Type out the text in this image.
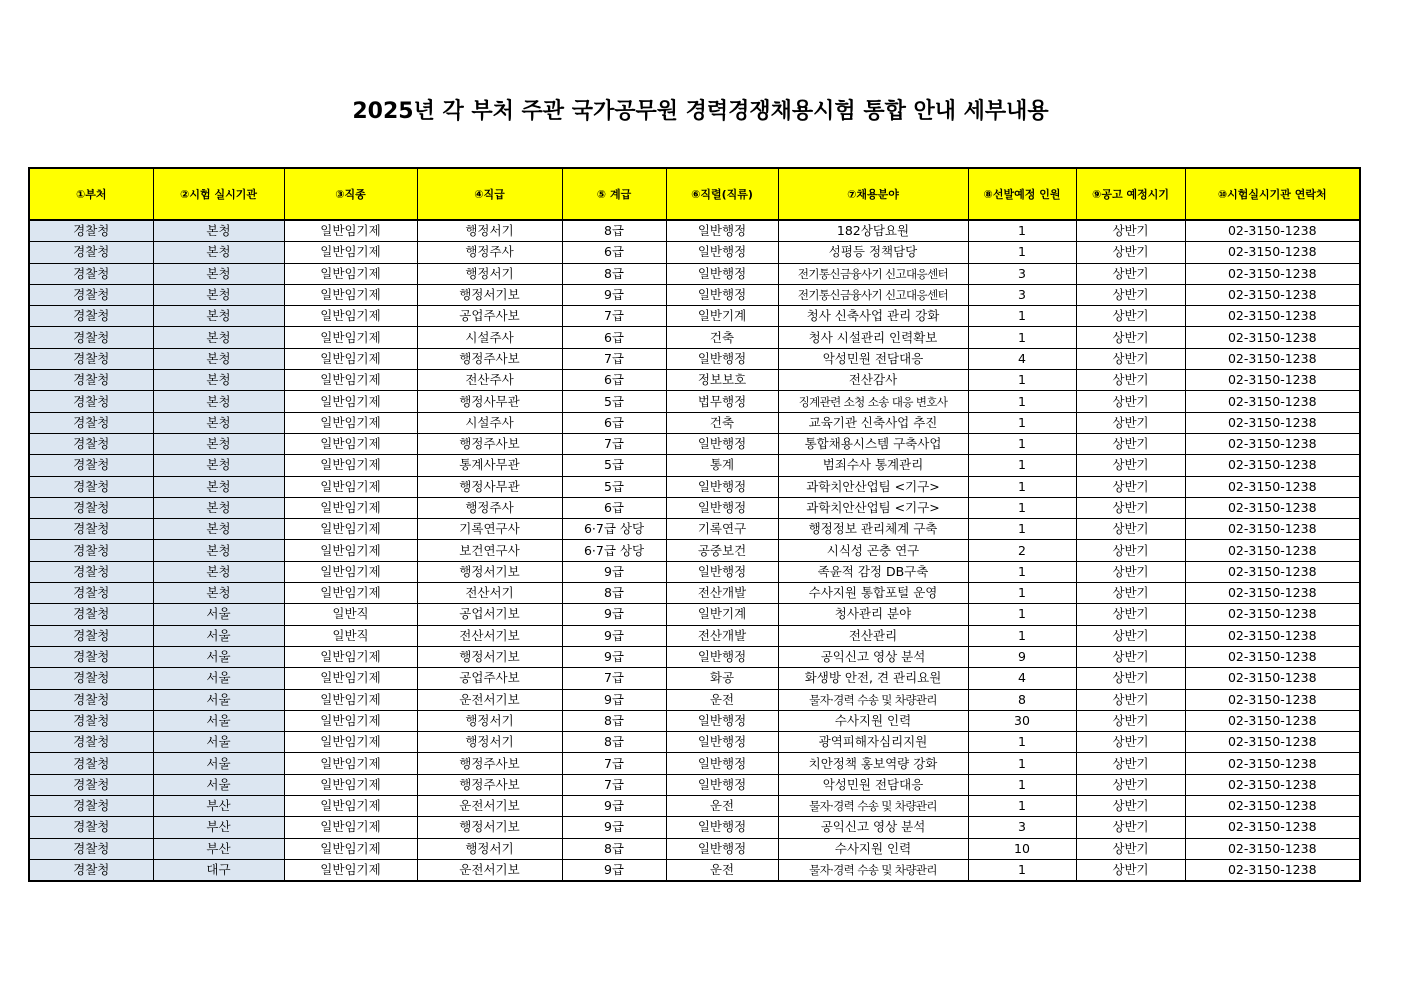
2025년 각 부처 주관 국가공무원 경력경쟁채용시험 통합 안내 세부내용
①부처	②시험 실시기관	③직종	④직급	⑤ 계급	⑥직렬(직류)	⑦채용분야	⑧선발예정 인원	⑨공고 예정시기	⑩시험실시기관 연락처
경찰청	본청	일반임기제	행정서기	8급	일반행정	182상담요원	1	상반기	02-3150-1238
경찰청	본청	일반임기제	행정주사	6급	일반행정	성평등 정책담당	1	상반기	02-3150-1238
경찰청	본청	일반임기제	행정서기	8급	일반행정	전기통신금융사기 신고대응센터	3	상반기	02-3150-1238
경찰청	본청	일반임기제	행정서기보	9급	일반행정	전기통신금융사기 신고대응센터	3	상반기	02-3150-1238
경찰청	본청	일반임기제	공업주사보	7급	일반기계	청사 신축사업 관리 강화	1	상반기	02-3150-1238
경찰청	본청	일반임기제	시설주사	6급	건축	청사 시설관리 인력확보	1	상반기	02-3150-1238
경찰청	본청	일반임기제	행정주사보	7급	일반행정	악성민원 전담대응	4	상반기	02-3150-1238
경찰청	본청	일반임기제	전산주사	6급	정보보호	전산감사	1	상반기	02-3150-1238
경찰청	본청	일반임기제	행정사무관	5급	법무행정	징계관련 소청 소송 대응 변호사	1	상반기	02-3150-1238
경찰청	본청	일반임기제	시설주사	6급	건축	교육기관 신축사업 추진	1	상반기	02-3150-1238
경찰청	본청	일반임기제	행정주사보	7급	일반행정	통합채용시스템 구축사업	1	상반기	02-3150-1238
경찰청	본청	일반임기제	통계사무관	5급	통계	범죄수사 통계관리	1	상반기	02-3150-1238
경찰청	본청	일반임기제	행정사무관	5급	일반행정	과학치안산업팀 <기구>	1	상반기	02-3150-1238
경찰청	본청	일반임기제	행정주사	6급	일반행정	과학치안산업팀 <기구>	1	상반기	02-3150-1238
경찰청	본청	일반임기제	기록연구사	6·7급 상당	기록연구	행정정보 관리체계 구축	1	상반기	02-3150-1238
경찰청	본청	일반임기제	보건연구사	6·7급 상당	공중보건	시식성 곤충 연구	2	상반기	02-3150-1238
경찰청	본청	일반임기제	행정서기보	9급	일반행정	족윤적 감정 DB구축	1	상반기	02-3150-1238
경찰청	본청	일반임기제	전산서기	8급	전산개발	수사지원 통합포털 운영	1	상반기	02-3150-1238
경찰청	서울	일반직	공업서기보	9급	일반기계	청사관리 분야	1	상반기	02-3150-1238
경찰청	서울	일반직	전산서기보	9급	전산개발	전산관리	1	상반기	02-3150-1238
경찰청	서울	일반임기제	행정서기보	9급	일반행정	공익신고 영상 분석	9	상반기	02-3150-1238
경찰청	서울	일반임기제	공업주사보	7급	화공	화생방 안전, 견 관리요원	4	상반기	02-3150-1238
경찰청	서울	일반임기제	운전서기보	9급	운전	물자·경력 수송 및 차량관리	8	상반기	02-3150-1238
경찰청	서울	일반임기제	행정서기	8급	일반행정	수사지원 인력	30	상반기	02-3150-1238
경찰청	서울	일반임기제	행정서기	8급	일반행정	광역피해자심리지원	1	상반기	02-3150-1238
경찰청	서울	일반임기제	행정주사보	7급	일반행정	치안정책 홍보역량 강화	1	상반기	02-3150-1238
경찰청	서울	일반임기제	행정주사보	7급	일반행정	악성민원 전담대응	1	상반기	02-3150-1238
경찰청	부산	일반임기제	운전서기보	9급	운전	물자·경력 수송 및 차량관리	1	상반기	02-3150-1238
경찰청	부산	일반임기제	행정서기보	9급	일반행정	공익신고 영상 분석	3	상반기	02-3150-1238
경찰청	부산	일반임기제	행정서기	8급	일반행정	수사지원 인력	10	상반기	02-3150-1238
경찰청	대구	일반임기제	운전서기보	9급	운전	물자·경력 수송 및 차량관리	1	상반기	02-3150-1238
